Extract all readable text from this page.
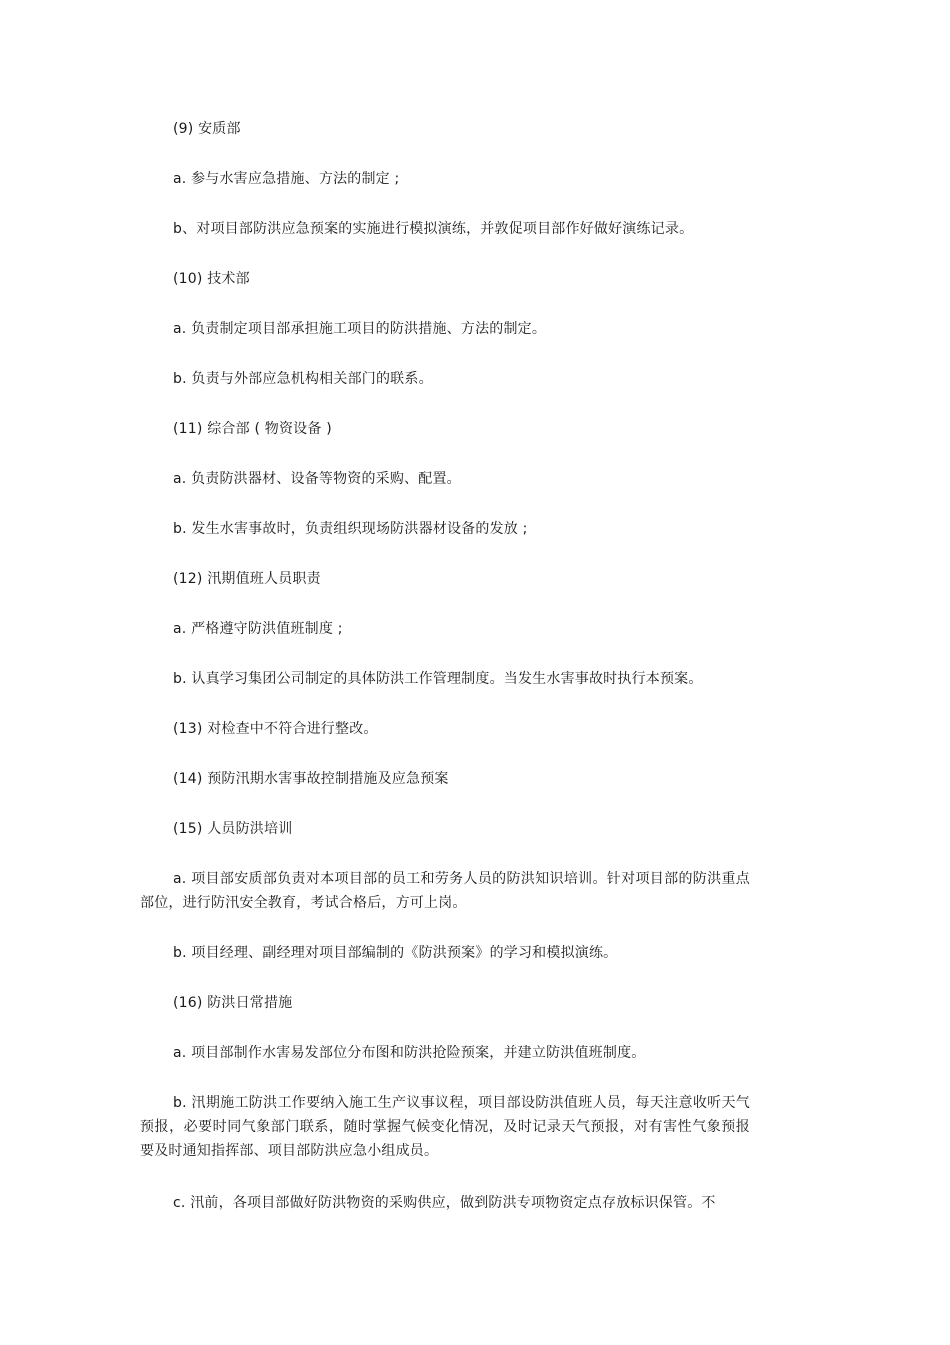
(9) 安质部
a. 参与水害应急措施、方法的制定 ;
b、对项目部防洪应急预案的实施进行模拟演练，并敦促项目部作好做好演练记录。
(10) 技术部
a. 负责制定项目部承担施工项目的防洪措施、方法的制定。
b. 负责与外部应急机构相关部门的联系。
(11) 综合部 ( 物资设备 )
a. 负责防洪器材、设备等物资的采购、配置。
b. 发生水害事故时，负责组织现场防洪器材设备的发放 ;
(12) 汛期值班人员职责
a. 严格遵守防洪值班制度 ;
b. 认真学习集团公司制定的具体防洪工作管理制度。当发生水害事故时执行本预案。
(13) 对检查中不符合进行整改。
(14) 预防汛期水害事故控制措施及应急预案
(15) 人员防洪培训
a. 项目部安质部负责对本项目部的员工和劳务人员的防洪知识培训。针对项目部的防洪重点部位，进行防汛安全教育，考试合格后，方可上岗。
b. 项目经理、副经理对项目部编制的《防洪预案》的学习和模拟演练。
(16) 防洪日常措施
a. 项目部制作水害易发部位分布图和防洪抢险预案，并建立防洪值班制度。
b. 汛期施工防洪工作要纳入施工生产议事议程，项目部设防洪值班人员，每天注意收听天气预报，必要时同气象部门联系，随时掌握气候变化情况，及时记录天气预报，对有害性气象预报要及时通知指挥部、项目部防洪应急小组成员。
c. 汛前，各项目部做好防洪物资的采购供应，做到防洪专项物资定点存放标识保管。不
